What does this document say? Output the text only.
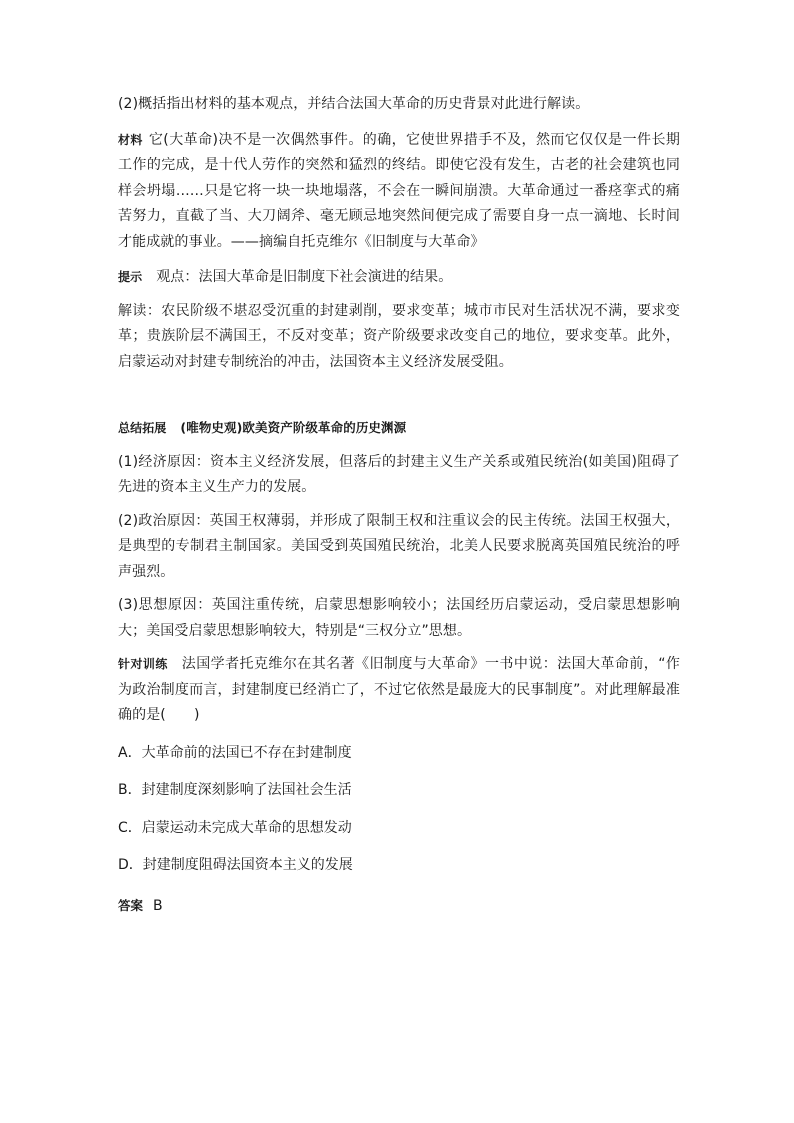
(2)概括指出材料的基本观点，并结合法国大革命的历史背景对此进行解读。

材料 它(大革命)决不是一次偶然事件。的确，它使世界措手不及，然而它仅仅是一件长期工作的完成，是十代人劳作的突然和猛烈的终结。即使它没有发生，古老的社会建筑也同样会坍塌……只是它将一块一块地塌落，不会在一瞬间崩溃。大革命通过一番痉挛式的痛苦努力，直截了当、大刀阔斧、毫无顾忌地突然间便完成了需要自身一点一滴地、长时间才能成就的事业。——摘编自托克维尔《旧制度与大革命》

提示 观点：法国大革命是旧制度下社会演进的结果。

解读：农民阶级不堪忍受沉重的封建剥削，要求变革；城市市民对生活状况不满，要求变革；贵族阶层不满国王，不反对变革；资产阶级要求改变自己的地位，要求变革。此外，启蒙运动对封建专制统治的冲击，法国资本主义经济发展受阻。

总结拓展 (唯物史观)欧美资产阶级革命的历史渊源

(1)经济原因：资本主义经济发展，但落后的封建主义生产关系或殖民统治(如美国)阻碍了先进的资本主义生产力的发展。

(2)政治原因：英国王权薄弱，并形成了限制王权和注重议会的民主传统。法国王权强大，是典型的专制君主制国家。美国受到英国殖民统治，北美人民要求脱离英国殖民统治的呼声强烈。

(3)思想原因：英国注重传统，启蒙思想影响较小；法国经历启蒙运动，受启蒙思想影响大；美国受启蒙思想影响较大，特别是“三权分立”思想。

针对训练 法国学者托克维尔在其名著《旧制度与大革命》一书中说：法国大革命前，“作为政治制度而言，封建制度已经消亡了，不过它依然是最庞大的民事制度”。对此理解最准确的是(　　)

A．大革命前的法国已不存在封建制度

B．封建制度深刻影响了法国社会生活

C．启蒙运动未完成大革命的思想发动

D．封建制度阻碍法国资本主义的发展

答案 B
